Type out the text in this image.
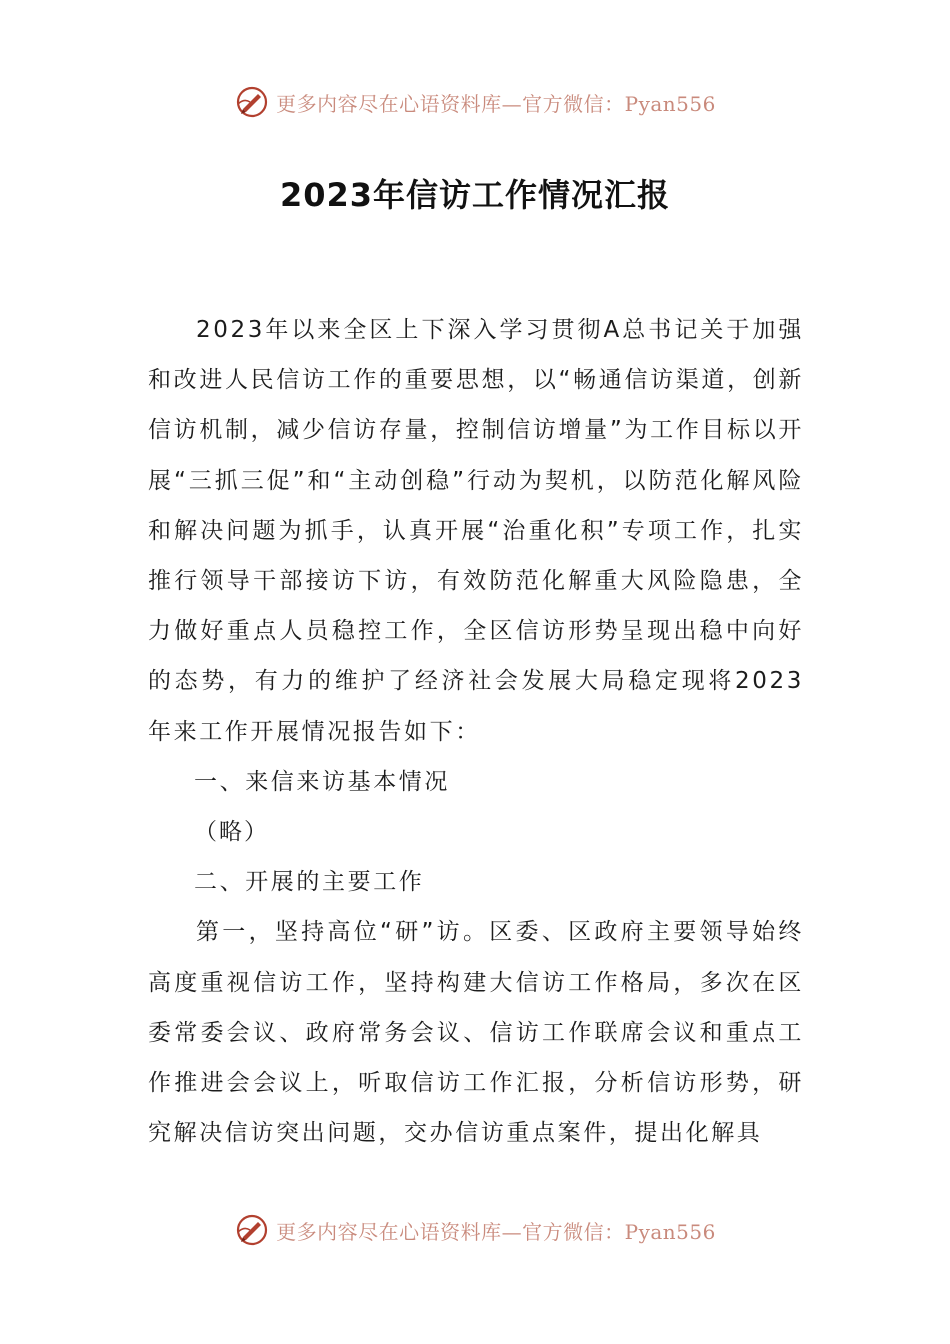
更多内容尽在心语资料库—官方微信：Pyan556
2023年信访工作情况汇报

2023年以来全区上下深入学习贯彻A总书记关于加强和改进人民信访工作的重要思想，以“畅通信访渠道，创新信访机制，减少信访存量，控制信访增量”为工作目标以开展“三抓三促”和“主动创稳”行动为契机，以防范化解风险和解决问题为抓手，认真开展“治重化积”专项工作，扎实推行领导干部接访下访，有效防范化解重大风险隐患，全力做好重点人员稳控工作，全区信访形势呈现出稳中向好的态势，有力的维护了经济社会发展大局稳定现将2023年来工作开展情况报告如下：

一、来信来访基本情况

（略）

二、开展的主要工作

第一，坚持高位“研”访。区委、区政府主要领导始终高度重视信访工作，坚持构建大信访工作格局，多次在区委常委会议、政府常务会议、信访工作联席会议和重点工作推进会会议上，听取信访工作汇报，分析信访形势，研究解决信访突出问题，交办信访重点案件，提出化解具

更多内容尽在心语资料库—官方微信：Pyan556
